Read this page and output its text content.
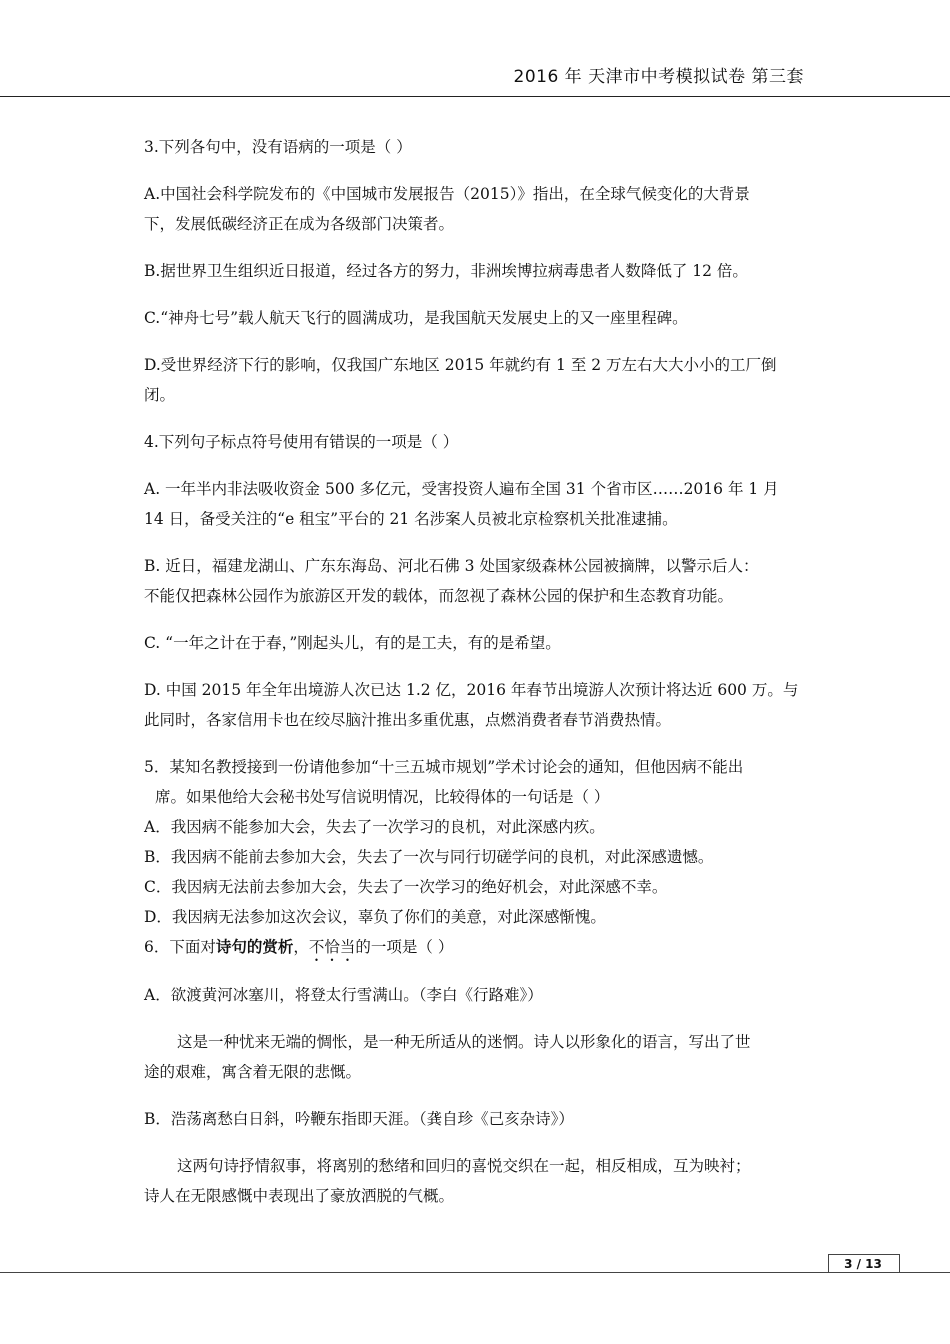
2016 年 天津市中考模拟试卷 第三套

3.下列各句中，没有语病的一项是（ ）

A.中国社会科学院发布的《中国城市发展报告（2015）》指出，在全球气候变化的大背景

下，发展低碳经济正在成为各级部门决策者。

B.据世界卫生组织近日报道，经过各方的努力，非洲埃博拉病毒患者人数降低了 12 倍。

C.“神舟七号”载人航天飞行的圆满成功，是我国航天发展史上的又一座里程碑。

D.受世界经济下行的影响，仅我国广东地区 2015 年就约有 1 至 2 万左右大大小小的工厂倒

闭。

4.下列句子标点符号使用有错误的一项是（ ）

A. 一年半内非法吸收资金 500 多亿元，受害投资人遍布全国 31 个省市区……2016 年 1 月

14 日，备受关注的“e 租宝”平台的 21 名涉案人员被北京检察机关批准逮捕。

B. 近日，福建龙湖山、广东东海岛、河北石佛 3 处国家级森林公园被摘牌，以警示后人：

不能仅把森林公园作为旅游区开发的载体，而忽视了森林公园的保护和生态教育功能。

C. “一年之计在于春，”刚起头儿，有的是工夫，有的是希望。

D. 中国 2015 年全年出境游人次已达 1.2 亿，2016 年春节出境游人次预计将达近 600 万。与

此同时，各家信用卡也在绞尽脑汁推出多重优惠，点燃消费者春节消费热情。

5．某知名教授接到一份请他参加“十三五城市规划”学术讨论会的通知，但他因病不能出

席。如果他给大会秘书处写信说明情况，比较得体的一句话是（ ）

A．我因病不能参加大会，失去了一次学习的良机，对此深感内疚。

B．我因病不能前去参加大会，失去了一次与同行切磋学问的良机，对此深感遗憾。

C．我因病无法前去参加大会，失去了一次学习的绝好机会，对此深感不幸。

D．我因病无法参加这次会议，辜负了你们的美意，对此深感惭愧。

6．下面对诗句的赏析，不恰当的一项是（ ）

A．欲渡黄河冰塞川，将登太行雪满山。（李白《行路难》）

这是一种忧来无端的惆怅，是一种无所适从的迷惘。诗人以形象化的语言，写出了世

途的艰难，寓含着无限的悲慨。

B．浩荡离愁白日斜，吟鞭东指即天涯。（龚自珍《己亥杂诗》）

这两句诗抒情叙事，将离别的愁绪和回归的喜悦交织在一起，相反相成，互为映衬；

诗人在无限感慨中表现出了豪放洒脱的气概。

3 / 13
